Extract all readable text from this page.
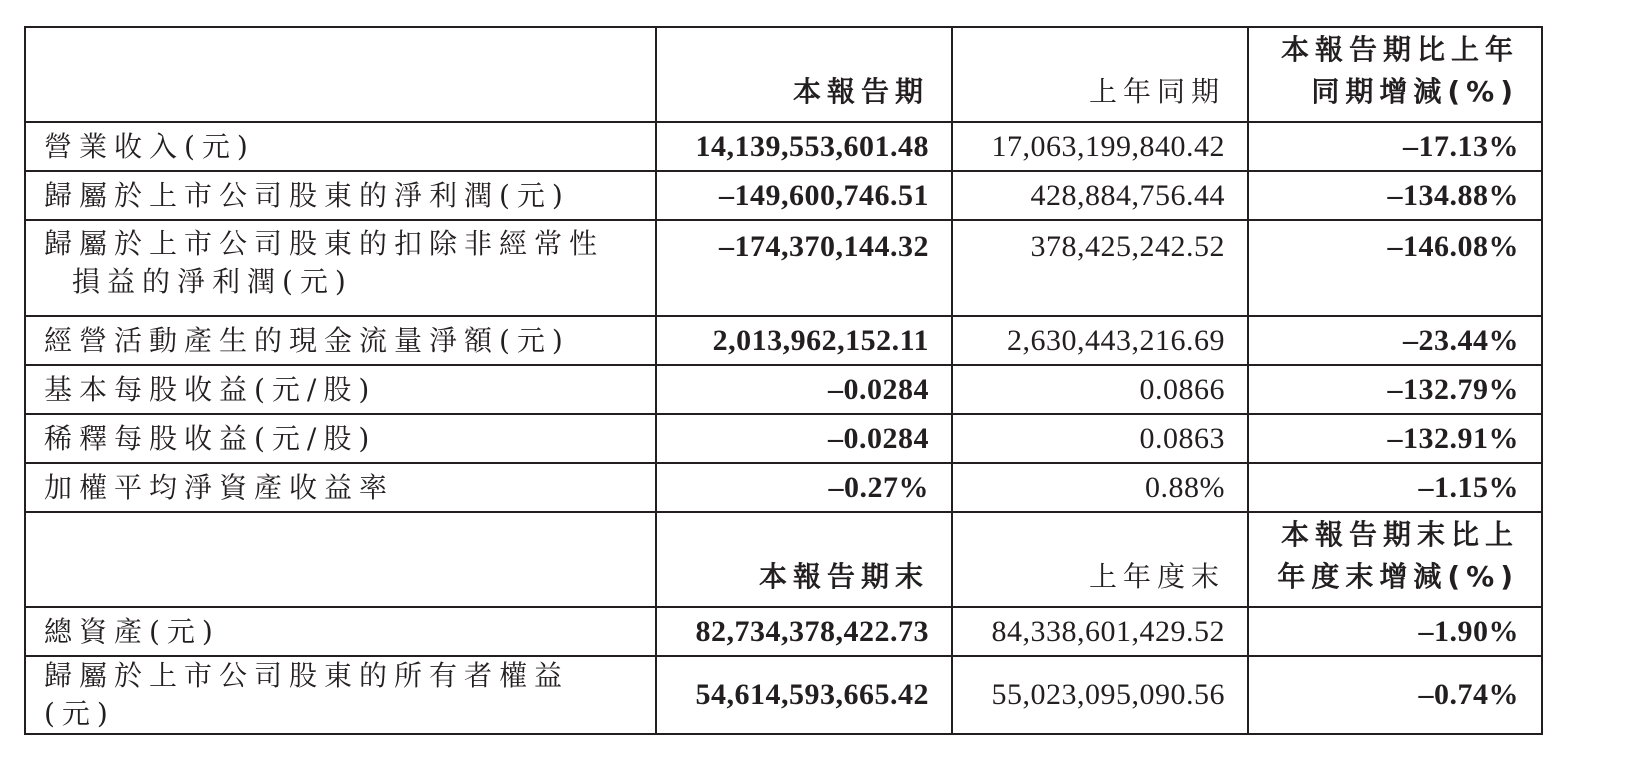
	本報告期	上年同期	本報告期比上年
同期增減(%)
營業收入(元)	14,139,553,601.48	17,063,199,840.42	–17.13%
歸屬於上市公司股東的淨利潤(元)	–149,600,746.51	428,884,756.44	–134.88%
歸屬於上市公司股東的扣除非經常性

損益的淨利潤(元)	–174,370,144.32	378,425,242.52	–146.08%
經營活動產生的現金流量淨額(元)	2,013,962,152.11	2,630,443,216.69	–23.44%
基本每股收益(元/股)	–0.0284	0.0866	–132.79%
稀釋每股收益(元/股)	–0.0284	0.0863	–132.91%
加權平均淨資產收益率	–0.27%	0.88%	–1.15%
	本報告期末	上年度末	本報告期末比上
年度末增減(%)
總資產(元)	82,734,378,422.73	84,338,601,429.52	–1.90%
歸屬於上市公司股東的所有者權益(元)	54,614,593,665.42	55,023,095,090.56	–0.74%
